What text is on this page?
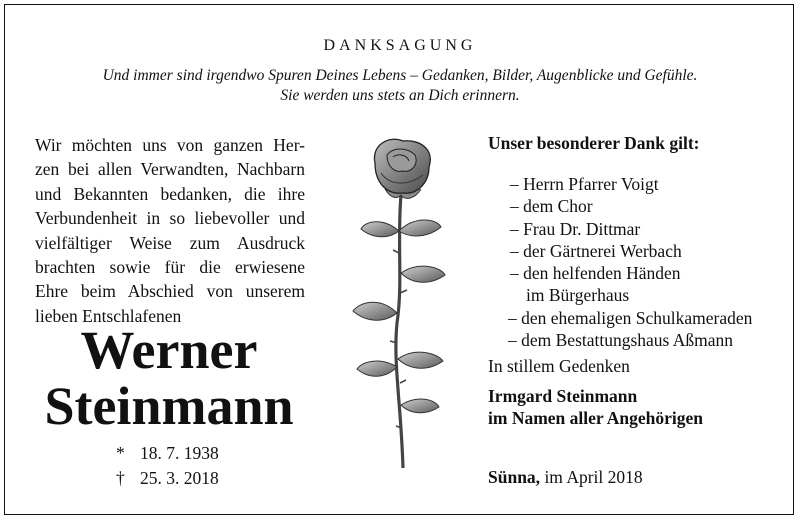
DANKSAGUNG
Und immer sind irgendwo Spuren Deines Lebens – Gedanken, Bilder, Augenblicke und Gefühle.
Sie werden uns stets an Dich erinnern.
Wir möchten uns von ganzen Her-
zen bei allen Verwandten, Nachbarn
und Bekannten bedanken, die ihre
Verbundenheit in so liebevoller und
vielfältiger Weise zum Ausdruck
brachten sowie für die erwiesene
Ehre beim Abschied von unserem
lieben Entschlafenen
Werner
Steinmann
* 18. 7. 1938
† 25. 3. 2018
Unser besonderer Dank gilt:
– Herrn Pfarrer Voigt
– dem Chor
– Frau Dr. Dittmar
– der Gärtnerei Werbach
– den helfenden Händen
im Bürgerhaus
– den ehemaligen Schulkameraden
– dem Bestattungshaus Aßmann
In stillem Gedenken
Irmgard Steinmann
im Namen aller Angehörigen
Sünna, im April 2018
